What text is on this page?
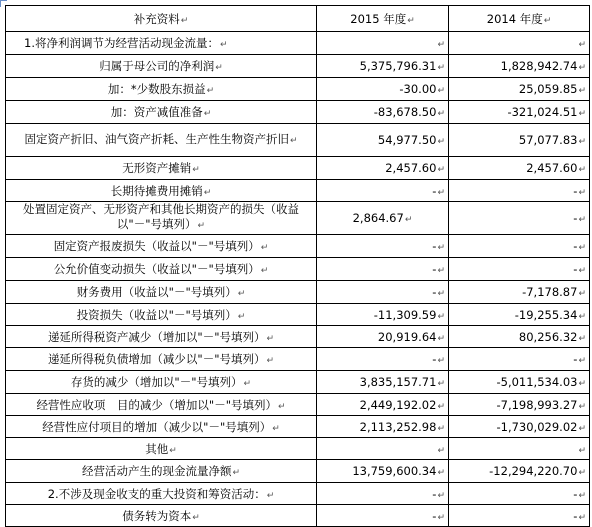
补充资料↵	2015 年度↵	2014 年度↵
1.将净利润调节为经营活动现金流量：↵	↵	↵
归属于母公司的净利润↵	5,375,796.31↵	1,828,942.74↵
加：*少数股东损益↵	-30.00↵	25,059.85↵
加：资产减值准备↵	-83,678.50↵	-321,024.51↵
固定资产折旧、油气资产折耗、生产性生物资产折旧↵	54,977.50↵	57,077.83↵
无形资产摊销↵	2,457.60↵	2,457.60↵
长期待摊费用摊销↵	-↵	-↵
处置固定资产、无形资产和其他长期资产的损失（收益以"－"号填列）↵	2,864.67↵	-↵
固定资产报废损失（收益以"－"号填列）↵	-↵	-↵
公允价值变动损失（收益以"－"号填列）↵	-↵	-↵
财务费用（收益以"－"号填列）↵	-↵	-7,178.87↵
投资损失（收益以"－"号填列）↵	-11,309.59↵	-19,255.34↵
递延所得税资产减少（增加以"－"号填列）↵	20,919.64↵	80,256.32↵
递延所得税负债增加（减少以"－"号填列）↵	-↵	-↵
存货的减少（增加以"－"号填列）↵	3,835,157.71↵	-5,011,534.03↵
经营性应收项　目的减少（增加以"－"号填列）↵	2,449,192.02↵	-7,198,993.27↵
经营性应付项目的增加（减少以"－"号填列）↵	2,113,252.98↵	-1,730,029.02↵
其他↵	↵	↵
经营活动产生的现金流量净额↵	13,759,600.34↵	-12,294,220.70↵
2.不涉及现金收支的重大投资和筹资活动：↵	-↵	-↵
债务转为资本↵	-↵	-↵
